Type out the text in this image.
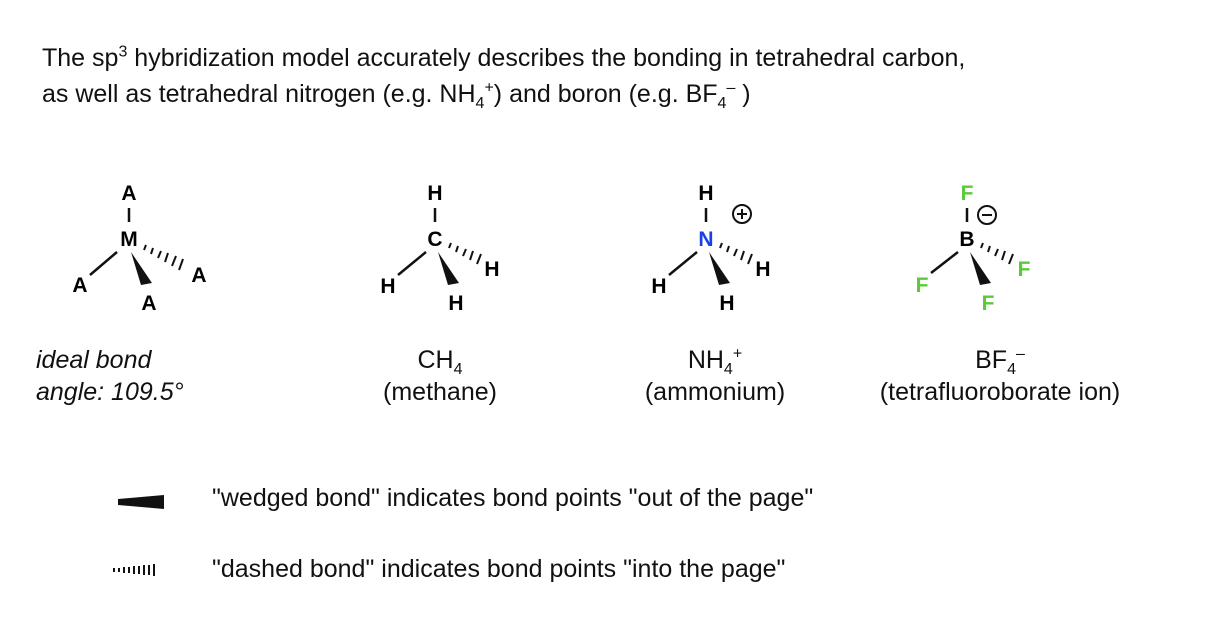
The $sp^3$ hybridization model accurately describes the bonding in tetrahedral carbon,
as well as tetrahedral nitrogen (e.g. $NH_4^+$) and boron (e.g. $BF_4^-$ )
A
M
A
A
A
H
C
H
H
H
H
N
H
H
H
F
B
F
F
F
ideal bond
angle: 109.5°
$CH_4$
(methane)
$NH_4^+$
(ammonium)
$BF_4^-$
(tetrafluoroborate ion)
"wedged bond" indicates bond points "out of the page"
"dashed bond" indicates bond points "into the page"
